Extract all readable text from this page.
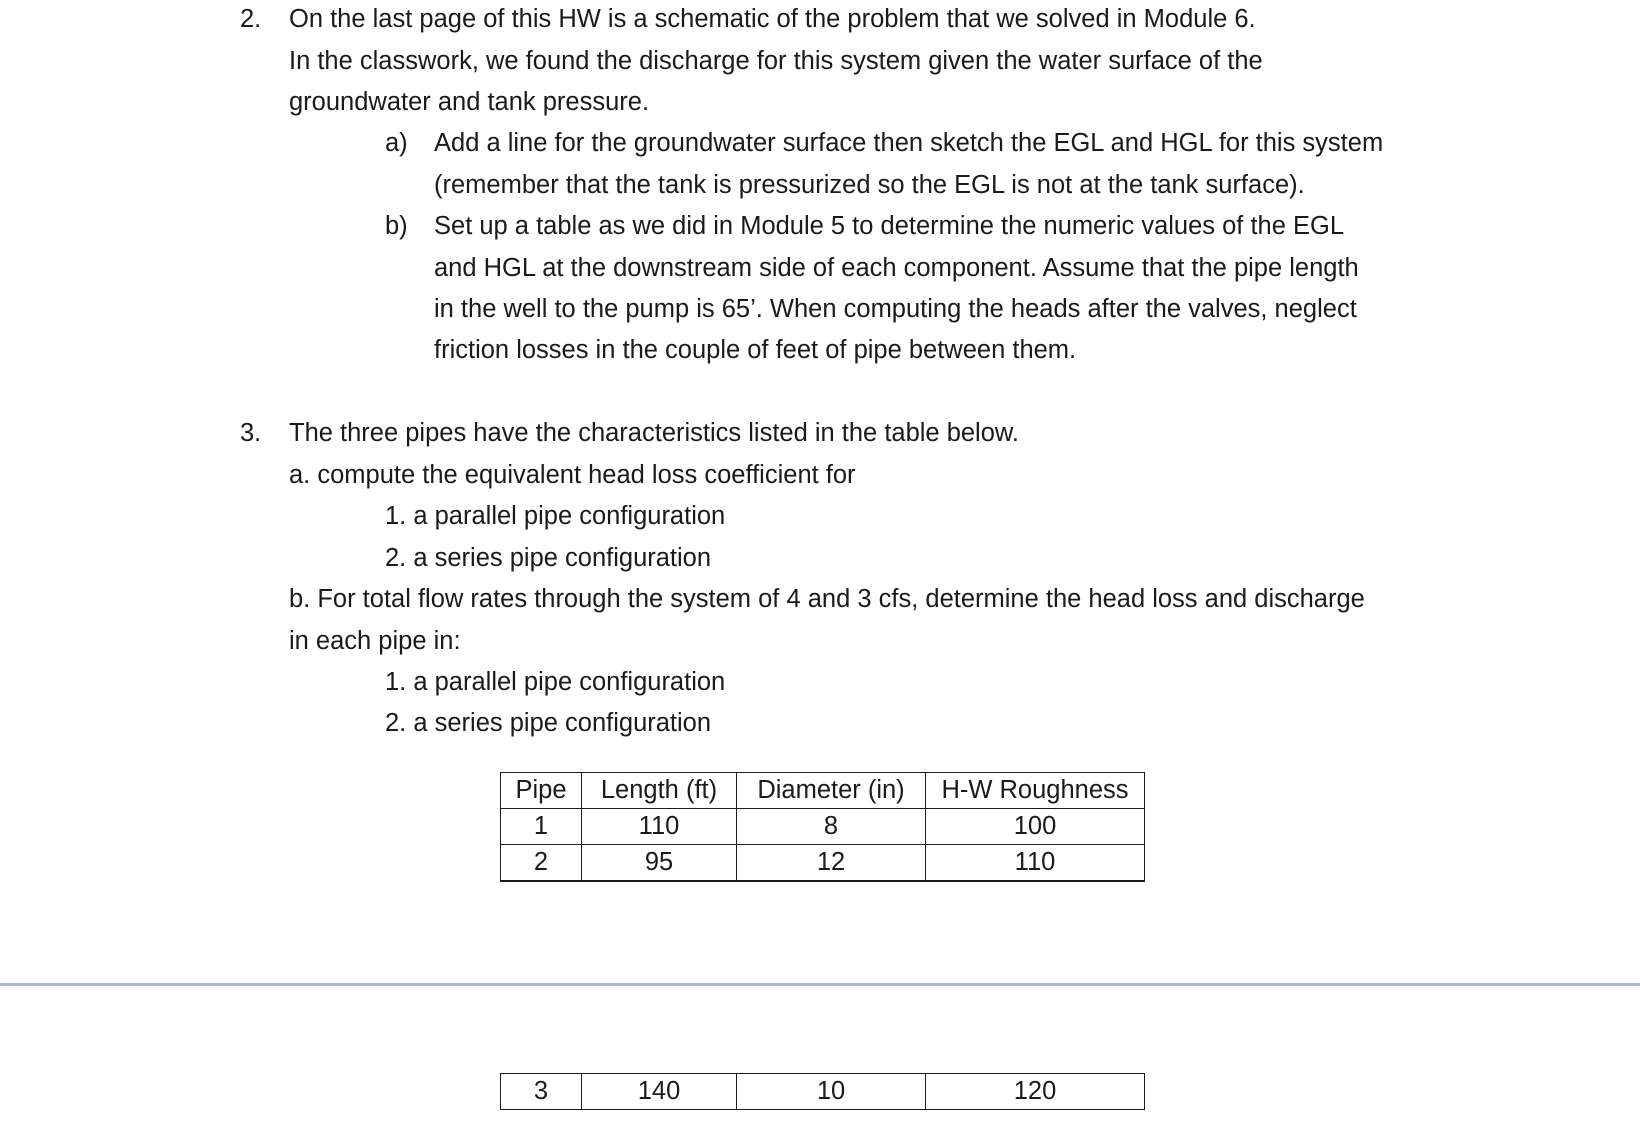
2. On the last page of this HW is a schematic of the problem that we solved in Module 6.
In the classwork, we found the discharge for this system given the water surface of the
groundwater and tank pressure.
a) Add a line for the groundwater surface then sketch the EGL and HGL for this system
(remember that the tank is pressurized so the EGL is not at the tank surface).
b) Set up a table as we did in Module 5 to determine the numeric values of the EGL
and HGL at the downstream side of each component. Assume that the pipe length
in the well to the pump is 65’. When computing the heads after the valves, neglect
friction losses in the couple of feet of pipe between them.
3. The three pipes have the characteristics listed in the table below.
a. compute the equivalent head loss coefficient for
1. a parallel pipe configuration
2. a series pipe configuration
b. For total flow rates through the system of 4 and 3 cfs, determine the head loss and discharge
in each pipe in:
1. a parallel pipe configuration
2. a series pipe configuration
Pipe	Length (ft)	Diameter (in)	H-W Roughness
1	110	8	100
2	95	12	110
3	140	10	120
